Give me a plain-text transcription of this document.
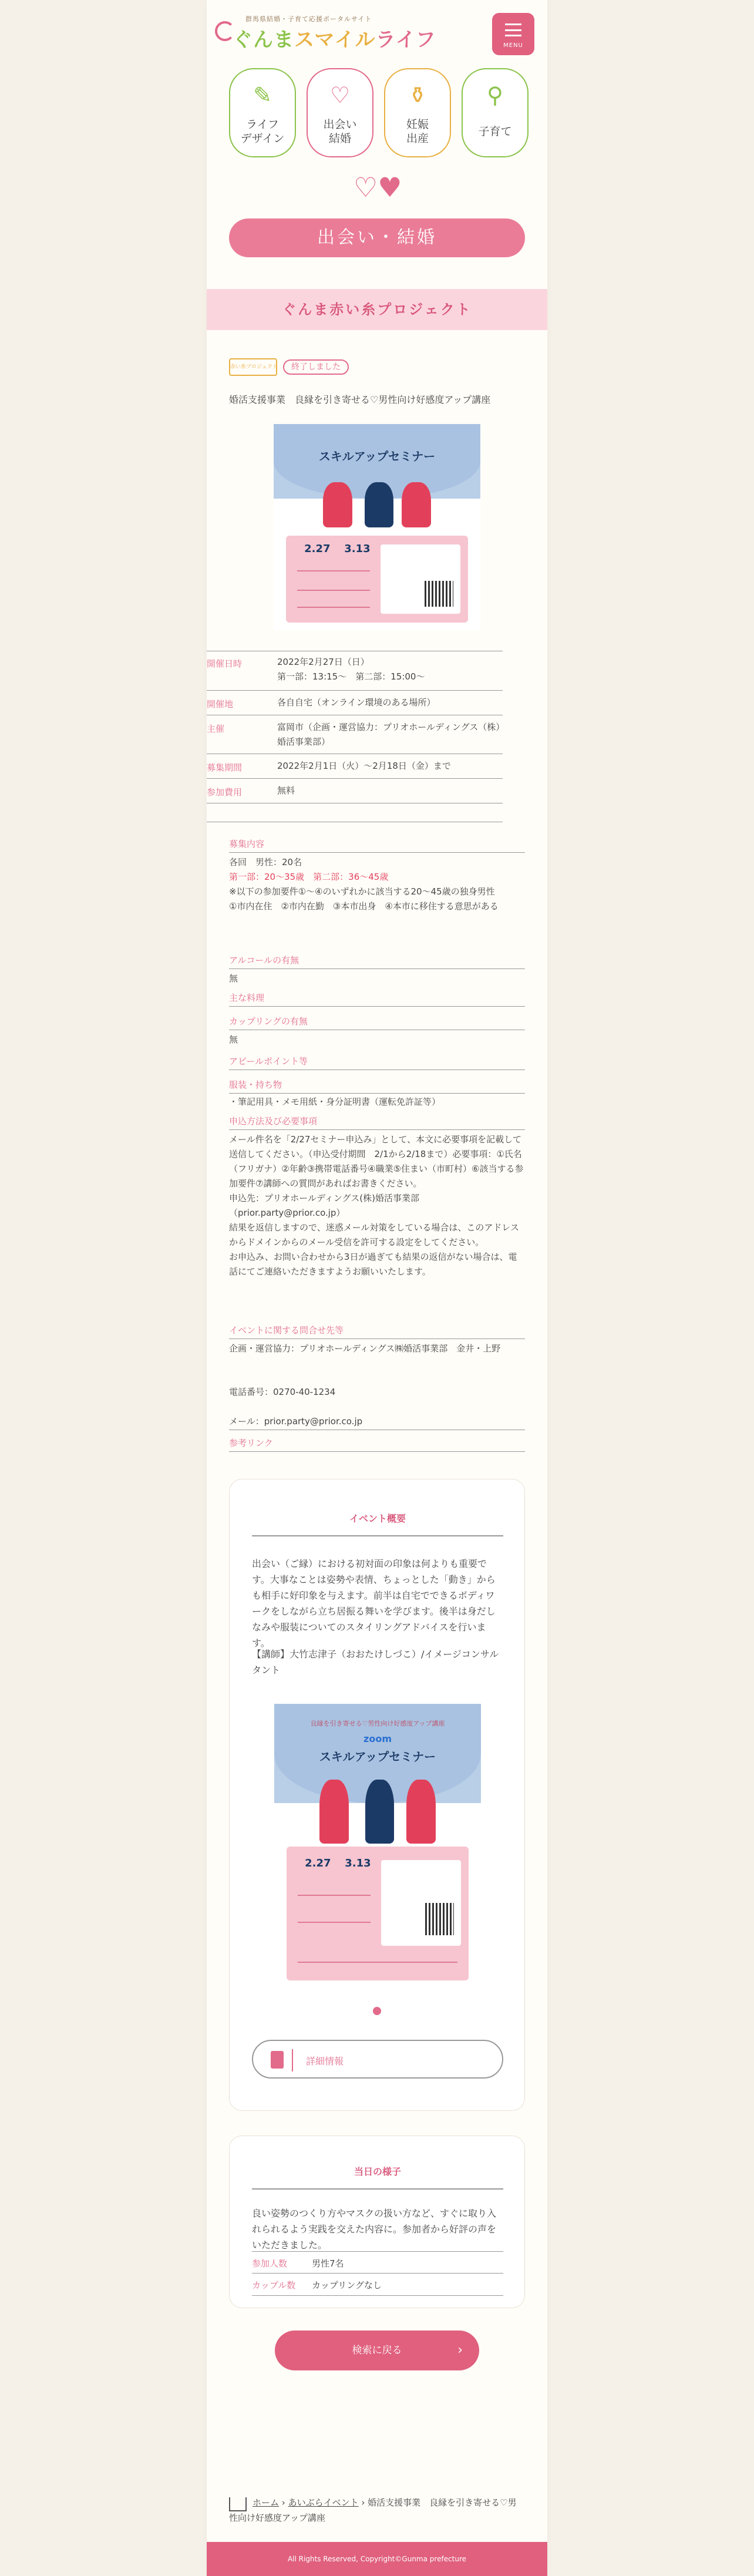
群馬県結婚・子育て応援ポータルサイト
ぐんまスマイルライフ	MENU
✎
ライフ
デザイン
♡
出会い
結婚
⚱
妊娠
出産
⚲
子育て
♡♥
出会い・結婚
ぐんま赤い糸プロジェクト
赤い糸プロジェクト	終了しました
婚活支援事業　良縁を引き寄せる♡男性向け好感度アップ講座
スキルアップセミナー
2.27 3.13
開催日時	2022年2月27日（日）
第一部：13:15〜　第二部：15:00〜
開催地	各自自宅（オンライン環境のある場所）
主催	富岡市（企画・運営協力：プリオホールディングス（株）婚活事業部）
募集期間	2022年2月1日（火）〜2月18日（金）まで
参加費用	無料
募集内容
各回　男性：20名
第一部：20〜35歳　第二部：36〜45歳
※以下の参加要件①〜④のいずれかに該当する20〜45歳の独身男性
①市内在住　②市内在勤　③本市出身　④本市に移住する意思がある
アルコールの有無
無
主な料理
カップリングの有無
無
アピールポイント等
服装・持ち物
・筆記用具・メモ用紙・身分証明書（運転免許証等）
申込方法及び必要事項
メール件名を「2/27セミナー申込み」として、本文に必要事項を記載して送信してください。（申込受付期間　2/1から2/18まで）必要事項：①氏名（フリガナ）②年齢③携帯電話番号④職業⑤住まい（市町村）⑥該当する参加要件⑦講師への質問があればお書きください。
申込先：プリオホールディングス(株)婚活事業部（prior.party@prior.co.jp）
結果を返信しますので、迷惑メール対策をしている場合は、このアドレスからドメインからのメール受信を許可する設定をしてください。
お申込み、お問い合わせから3日が過ぎても結果の返信がない場合は、電話にてご連絡いただきますようお願いいたします。
イベントに関する問合せ先等
企画・運営協力：プリオホールディングス㈱婚活事業部　金井・上野
電話番号：0270-40-1234
メール：prior.party@prior.co.jp
参考リンク
イベント概要
出会い（ご縁）における初対面の印象は何よりも重要です。大事なことは姿勢や表情、ちょっとした「動き」からも相手に好印象を与えます。前半は自宅でできるボディワークをしながら立ち居振る舞いを学びます。後半は身だしなみや服装についてのスタイリングアドバイスを行います。
【講師】大竹志津子（おおたけしづこ）/イメージコンサルタント
良縁を引き寄せる♡男性向け好感度アップ講座
zoom
スキルアップセミナー
2.27 3.13
詳細情報
当日の様子
良い姿勢のつくり方やマスクの扱い方など、すぐに取り入れられるよう実践を交えた内容に。参加者から好評の声をいただきました。
参加人数	男性7名
カップル数 カップリングなし
検索に戻る	›
ホーム › あいぶらイベント › 婚活支援事業　良縁を引き寄せる♡男性向け好感度アップ講座
All Rights Reserved, Copyright©Gunma prefecture
